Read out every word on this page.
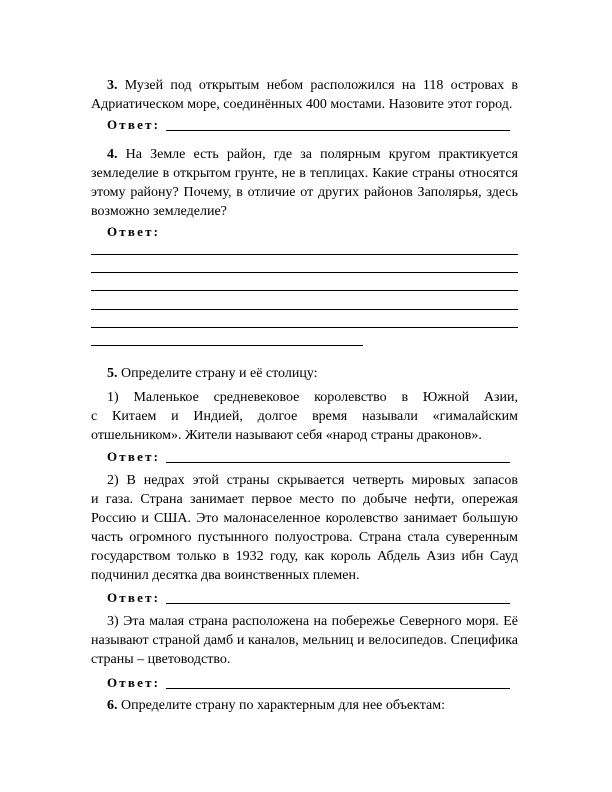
3. Музей под открытым небом расположился на 118 островах в
Адриатическом море, соединённых 400 мостами. Назовите этот город.
Ответ:
4. На Земле есть район, где за полярным кругом практикуется
земледелие в открытом грунте, не в теплицах. Какие страны относятся
этому району? Почему, в отличие от других районов Заполярья, здесь
возможно земледелие?
Ответ:
5. Определите страну и её столицу:
1) Маленькое средневековое королевство в Южной Азии,
с Китаем и Индией, долгое время называли «гималайским
отшельником». Жители называют себя «народ страны драконов».
Ответ:
2) В недрах этой страны скрывается четверть мировых запасов
и газа. Страна занимает первое место по добыче нефти, опережая
Россию и США. Это малонаселенное королевство занимает большую
часть огромного пустынного полуострова. Страна стала суверенным
государством только в 1932 году, как король Абдель Азиз ибн Сауд
подчинил десятка два воинственных племен.
Ответ:
3) Эта малая страна расположена на побережье Северного моря. Её
называют страной дамб и каналов, мельниц и велосипедов. Специфика
страны – цветоводство.
Ответ:
6. Определите страну по характерным для нее объектам:
